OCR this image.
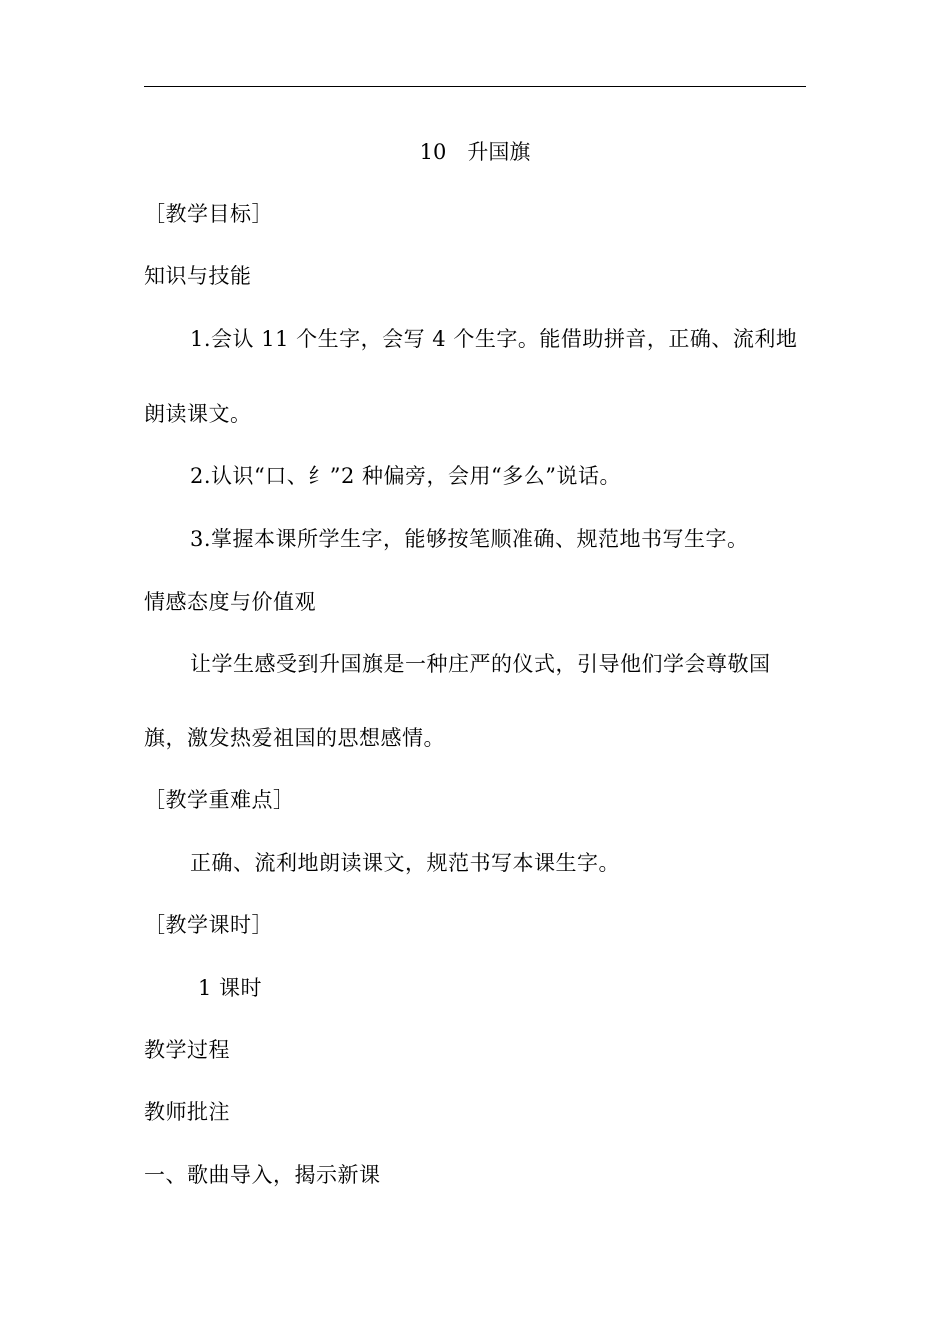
10　升国旗
［教学目标］
知识与技能
1.会认 11 个生字，会写 4 个生字。能借助拼音，正确、流利地
朗读课文。
2.认识“口、纟”2 种偏旁，会用“多么”说话。
3.掌握本课所学生字，能够按笔顺准确、规范地书写生字。
情感态度与价值观
让学生感受到升国旗是一种庄严的仪式，引导他们学会尊敬国
旗，激发热爱祖国的思想感情。
［教学重难点］
正确、流利地朗读课文，规范书写本课生字。
［教学课时］
1 课时
教学过程
教师批注
一、歌曲导入，揭示新课
